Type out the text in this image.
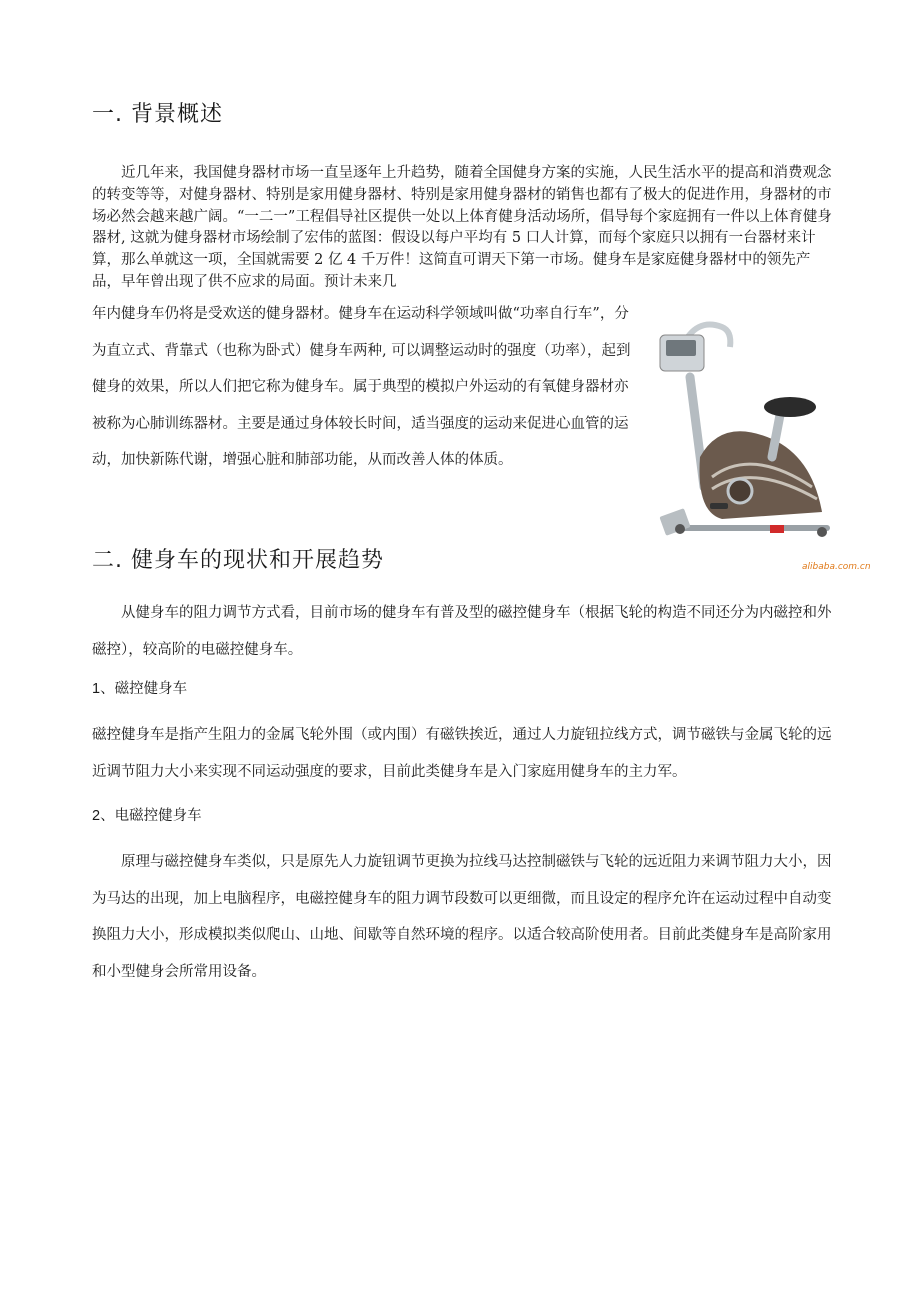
一. 背景概述

近几年来，我国健身器材市场一直呈逐年上升趋势，随着全国健身方案的实施，人民生活水平的提高和消费观念的转变等等，对健身器材、特别是家用健身器材、特别是家用健身器材的销售也都有了极大的促进作用，身器材的市场必然会越来越广阔。“一二一”工程倡导社区提供一处以上体育健身活动场所，倡导每个家庭拥有一件以上体育健身器材, 这就为健身器材市场绘制了宏伟的蓝图：假设以每户平均有 5 口人计算，而每个家庭只以拥有一台器材来计算，那么单就这一项，全国就需要 2 亿 4 千万件！这简直可谓天下第一市场。健身车是家庭健身器材中的领先产品，早年曾出现了供不应求的局面。预计未来几

年内健身车仍将是受欢送的健身器材。健身车在运动科学领域叫做“功率自行车”，分为直立式、背靠式（也称为卧式）健身车两种, 可以调整运动时的强度（功率），起到健身的效果，所以人们把它称为健身车。属于典型的模拟户外运动的有氧健身器材亦被称为心肺训练器材。主要是通过身体较长时间，适当强度的运动来促进心血管的运动，加快新陈代谢，增强心脏和肺部功能，从而改善人体的体质。

alibaba.com.cn
二. 健身车的现状和开展趋势

从健身车的阻力调节方式看，目前市场的健身车有普及型的磁控健身车（根据飞轮的构造不同还分为内磁控和外磁控），较高阶的电磁控健身车。

1、磁控健身车

磁控健身车是指产生阻力的金属飞轮外围（或内围）有磁铁挨近，通过人力旋钮拉线方式，调节磁铁与金属飞轮的远近调节阻力大小来实现不同运动强度的要求，目前此类健身车是入门家庭用健身车的主力军。

2、电磁控健身车

原理与磁控健身车类似，只是原先人力旋钮调节更换为拉线马达控制磁铁与飞轮的远近阻力来调节阻力大小，因为马达的出现，加上电脑程序，电磁控健身车的阻力调节段数可以更细微，而且设定的程序允许在运动过程中自动变换阻力大小，形成模拟类似爬山、山地、间歇等自然环境的程序。以适合较高阶使用者。目前此类健身车是高阶家用和小型健身会所常用设备。
